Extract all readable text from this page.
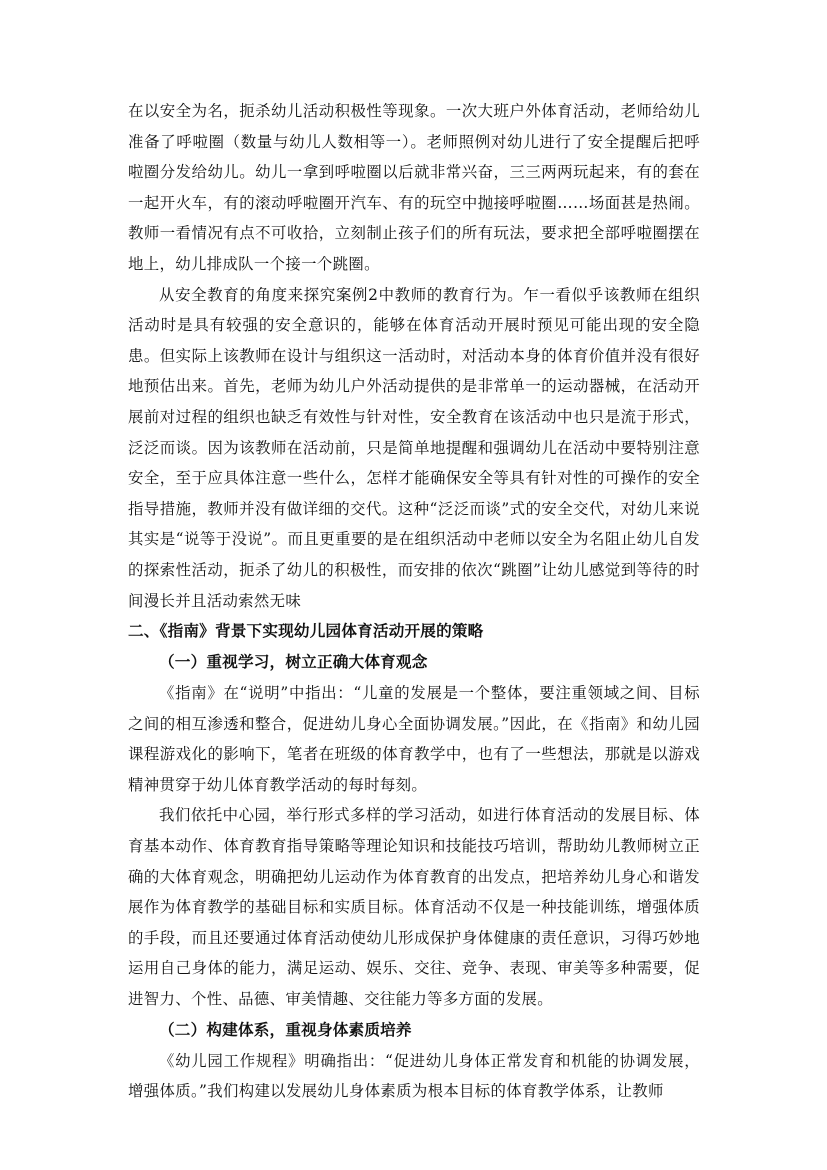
在以安全为名，扼杀幼儿活动积极性等现象。一次大班户外体育活动，老师给幼儿准备了呼啦圈（数量与幼儿人数相等一）。老师照例对幼儿进行了安全提醒后把呼啦圈分发给幼儿。幼儿一拿到呼啦圈以后就非常兴奋，三三两两玩起来，有的套在一起开火车，有的滚动呼啦圈开汽车、有的玩空中抛接呼啦圈……场面甚是热闹。教师一看情况有点不可收拾，立刻制止孩子们的所有玩法，要求把全部呼啦圈摆在地上，幼儿排成队一个接一个跳圈。

从安全教育的角度来探究案例2中教师的教育行为。乍一看似乎该教师在组织活动时是具有较强的安全意识的，能够在体育活动开展时预见可能出现的安全隐患。但实际上该教师在设计与组织这一活动时，对活动本身的体育价值并没有很好地预估出来。首先，老师为幼儿户外活动提供的是非常单一的运动器械，在活动开展前对过程的组织也缺乏有效性与针对性，安全教育在该活动中也只是流于形式，泛泛而谈。因为该教师在活动前，只是简单地提醒和强调幼儿在活动中要特别注意安全，至于应具体注意一些什么，怎样才能确保安全等具有针对性的可操作的安全指导措施，教师并没有做详细的交代。这种“泛泛而谈”式的安全交代，对幼儿来说其实是“说等于没说”。而且更重要的是在组织活动中老师以安全为名阻止幼儿自发的探索性活动，扼杀了幼儿的积极性，而安排的依次“跳圈”让幼儿感觉到等待的时间漫长并且活动索然无味

二、《指南》背景下实现幼儿园体育活动开展的策略

（一）重视学习，树立正确大体育观念

《指南》在“说明”中指出：“儿童的发展是一个整体，要注重领域之间、目标之间的相互渗透和整合，促进幼儿身心全面协调发展。”因此，在《指南》和幼儿园课程游戏化的影响下，笔者在班级的体育教学中，也有了一些想法，那就是以游戏精神贯穿于幼儿体育教学活动的每时每刻。

我们依托中心园，举行形式多样的学习活动，如进行体育活动的发展目标、体育基本动作、体育教育指导策略等理论知识和技能技巧培训，帮助幼儿教师树立正确的大体育观念，明确把幼儿运动作为体育教育的出发点，把培养幼儿身心和谐发展作为体育教学的基础目标和实质目标。体育活动不仅是一种技能训练，增强体质的手段，而且还要通过体育活动使幼儿形成保护身体健康的责任意识，习得巧妙地运用自己身体的能力，满足运动、娱乐、交往、竞争、表现、审美等多种需要，促进智力、个性、品德、审美情趣、交往能力等多方面的发展。

（二）构建体系，重视身体素质培养

《幼儿园工作规程》明确指出：“促进幼儿身体正常发育和机能的协调发展，增强体质。”我们构建以发展幼儿身体素质为根本目标的体育教学体系，让教师
